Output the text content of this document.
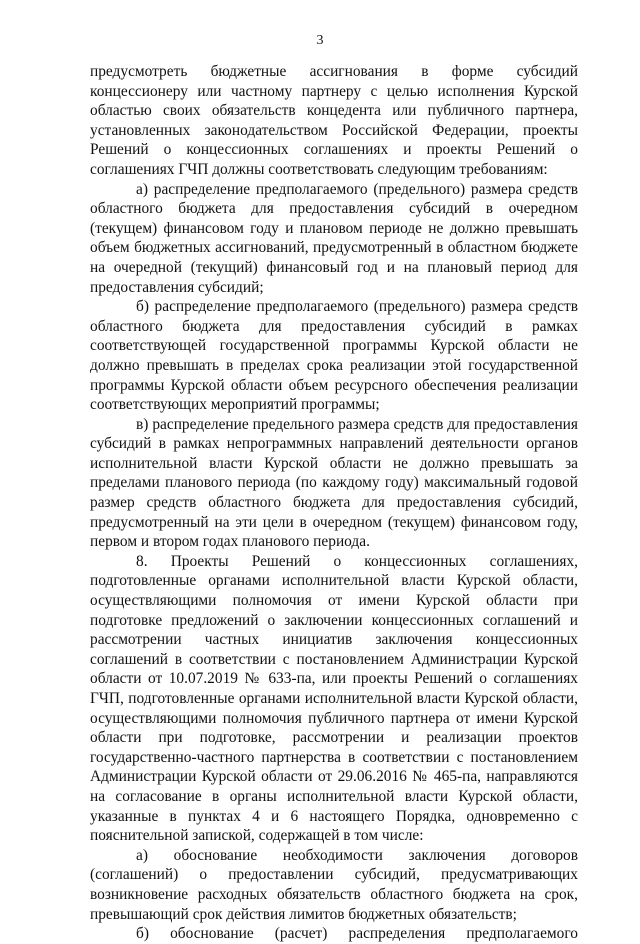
3

предусмотреть бюджетные ассигнования в форме субсидий концессионеру или частному партнеру с целью исполнения Курской областью своих обязательств концедента или публичного партнера, установленных законодательством Российской Федерации, проекты Решений о концессионных соглашениях и проекты Решений о соглашениях ГЧП должны соответствовать следующим требованиям:

а) распределение предполагаемого (предельного) размера средств областного бюджета для предоставления субсидий в очередном (текущем) финансовом году и плановом периоде не должно превышать объем бюджетных ассигнований, предусмотренный в областном бюджете на очередной (текущий) финансовый год и на плановый период для предоставления субсидий;

б) распределение предполагаемого (предельного) размера средств областного бюджета для предоставления субсидий в рамках соответствующей государственной программы Курской области не должно превышать в пределах срока реализации этой государственной программы Курской области объем ресурсного обеспечения реализации соответствующих мероприятий программы;

в) распределение предельного размера средств для предоставления субсидий в рамках непрограммных направлений деятельности органов исполнительной власти Курской области не должно превышать за пределами планового периода (по каждому году) максимальный годовой размер средств областного бюджета для предоставления субсидий, предусмотренный на эти цели в очередном (текущем) финансовом году, первом и втором годах планового периода.

8. Проекты Решений о концессионных соглашениях, подготовленные органами исполнительной власти Курской области, осуществляющими полномочия от имени Курской области при подготовке предложений о заключении концессионных соглашений и рассмотрении частных инициатив заключения концессионных соглашений в соответствии с постановлением Администрации Курской области от 10.07.2019 № 633-па, или проекты Решений о соглашениях ГЧП, подготовленные органами исполнительной власти Курской области, осуществляющими полномочия публичного партнера от имени Курской области при подготовке, рассмотрении и реализации проектов государственно-частного партнерства в соответствии с постановлением Администрации Курской области от 29.06.2016 № 465-па, направляются на согласование в органы исполнительной власти Курской области, указанные в пунктах 4 и 6 настоящего Порядка, одновременно с пояснительной запиской, содержащей в том числе:

а) обоснование необходимости заключения договоров (соглашений) о предоставлении субсидий, предусматривающих возникновение расходных обязательств областного бюджета на срок, превышающий срок действия лимитов бюджетных обязательств;

б) обоснование (расчет) распределения предполагаемого
